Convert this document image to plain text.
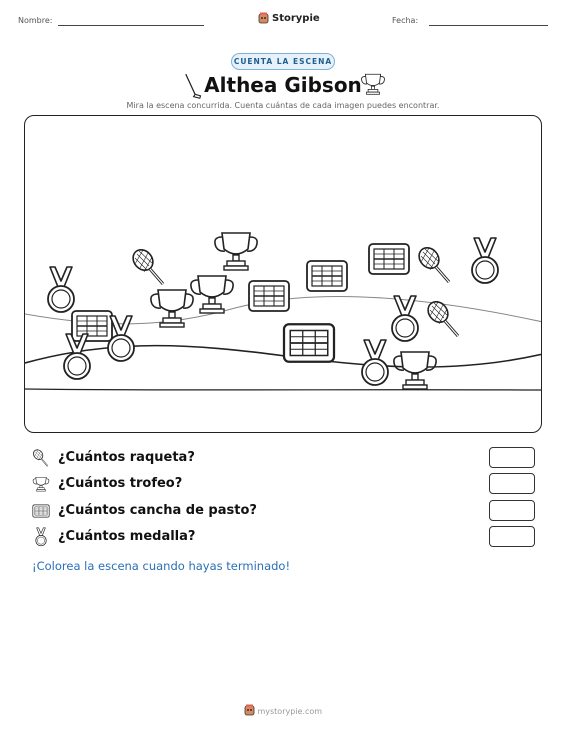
Nombre:	Storypie	Fecha:
CUENTA LA ESCENA
Althea Gibson
Mira la escena concurrida. Cuenta cuántas de cada imagen puedes encontrar.
¿Cuántos raqueta?
¿Cuántos trofeo?
¿Cuántos cancha de pasto?
¿Cuántos medalla?
¡Colorea la escena cuando hayas terminado!
mystorypie.com
